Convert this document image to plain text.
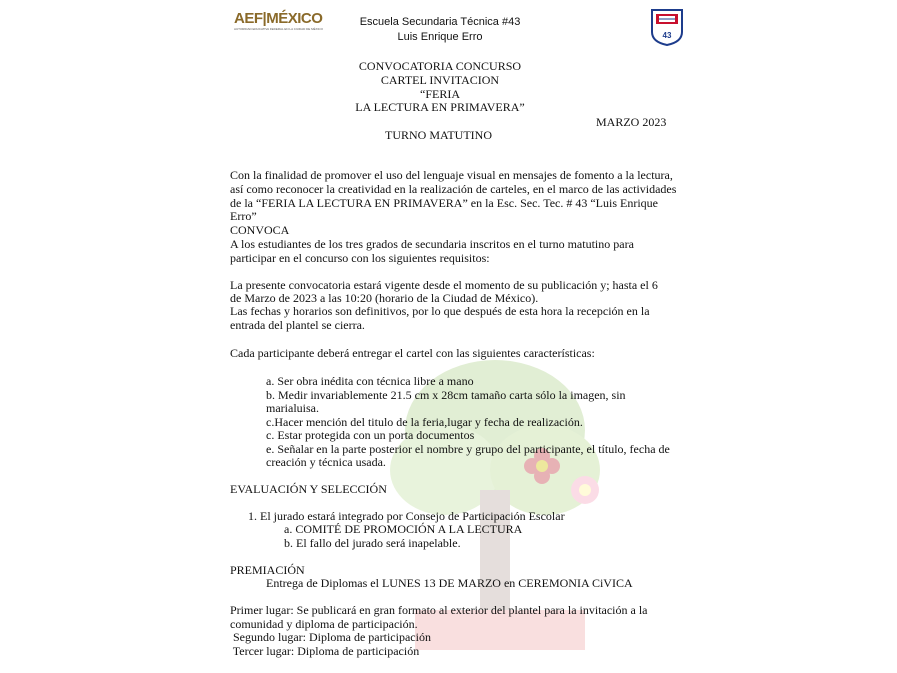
AEF|MÉXICO
AUTORIDAD EDUCATIVA FEDERAL EN LA CIUDAD DE MÉXICO
Escuela Secundaria Técnica #43
Luis Enrique Erro	43
CONVOCATORIA CONCURSO
CARTEL INVITACION
“FERIA
LA LECTURA EN PRIMAVERA”
MARZO 2023
TURNO MATUTINO
Con la finalidad de promover el uso del lenguaje visual en mensajes de fomento a la lectura,
así como reconocer la creatividad en la realización de carteles, en el marco de las actividades
de la “FERIA LA LECTURA EN PRIMAVERA” en la Esc. Sec. Tec. # 43 “Luis Enrique
Erro”
CONVOCA
A los estudiantes de los tres grados de secundaria inscritos en el turno matutino para
participar en el concurso con los siguientes requisitos:
La presente convocatoria estará vigente desde el momento de su publicación y; hasta el 6
de Marzo de 2023 a las 10:20 (horario de la Ciudad de México).
Las fechas y horarios son definitivos, por lo que después de esta hora la recepción en la
entrada del plantel se cierra.
Cada participante deberá entregar el cartel con las siguientes características:
a. Ser obra inédita con técnica libre a mano
b. Medir invariablemente 21.5 cm x 28cm tamaño carta sólo la imagen, sin
marialuisa.
c.Hacer mención del titulo de la feria,lugar y fecha de realización.
c. Estar protegida con un porta documentos
e. Señalar en la parte posterior el nombre y grupo del participante, el título, fecha de
creación y técnica usada.
EVALUACIÓN Y SELECCIÓN
1. El jurado estará integrado por Consejo de Participación Escolar
a. COMITÉ DE PROMOCIÓN A LA LECTURA
b. El fallo del jurado será inapelable.
PREMIACIÓN
Entrega de Diplomas el LUNES 13 DE MARZO en CEREMONIA CiVICA
Primer lugar: Se publicará en gran formato al exterior del plantel para la invitación a la
comunidad y diploma de participación.
Segundo lugar: Diploma de participación
Tercer lugar: Diploma de participación
